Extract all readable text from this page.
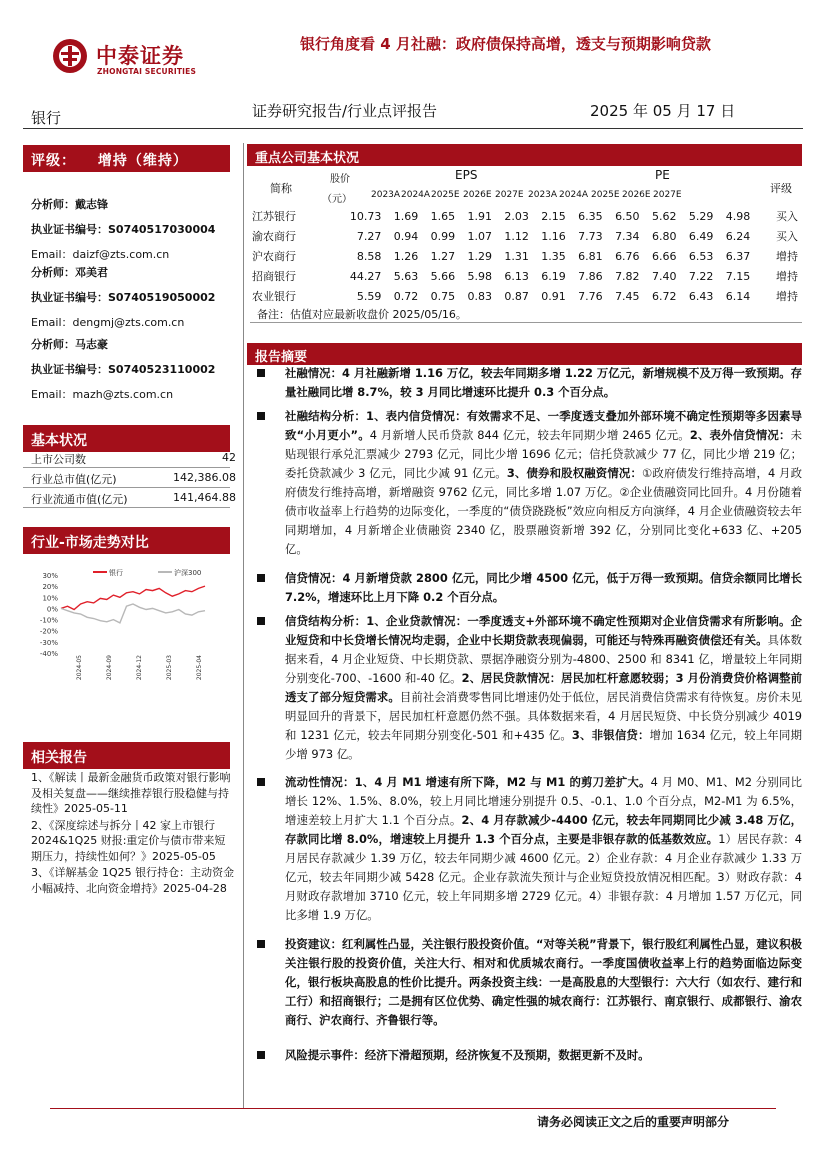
中泰证券
ZHONGTAI SECURITIES
银行角度看 4 月社融：政府债保持高增，透支与预期影响贷款
银行	证券研究报告/行业点评报告	2025 年 05 月 17 日
评级： 增持（维持）
分析师：戴志锋
执业证书编号：S0740517030004
Email：daizf@zts.com.cn
分析师：邓美君
执业证书编号：S0740519050002
Email：dengmj@zts.com.cn
分析师：马志豪
执业证书编号：S0740523110002
Email：mazh@zts.com.cn
基本状况
上市公司数	42
行业总市值(亿元)	142,386.08
行业流通市值(亿元)	141,464.88
行业-市场走势对比
30%
20%
10%
0%
-10%
-20%
-30%
-40%
2024-05	2024-09	2024-12	2025-03	2025-04
银行	沪深300
相关报告
1、《解读丨最新金融货币政策对银行影响及相关复盘——继续推荐银行股稳健与持续性》2025-05-11
2、《深度综述与拆分丨42 家上市银行 2024&1Q25 财报:重定价与债市带来短期压力，持续性如何？》2025-05-05
3、《详解基金 1Q25 银行持仓：主动资金小幅减持、北向资金增持》2025-04-28
重点公司基本状况
简称
股价
（元）
EPS	PE
评级
2023A 2024A 2025E 2026E 2027E 2023A 2024A 2025E 2026E 2027E
江苏银行	10.73	1.69	1.65	1.91	2.03	2.15	6.35	6.50	5.62	5.29	4.98	买入
渝农商行	7.27	0.94	0.99	1.07	1.12	1.16	7.73	7.34	6.80	6.49	6.24	买入
沪农商行	8.58	1.26	1.27	1.29	1.31	1.35	6.81	6.76	6.66	6.53	6.37	增持
招商银行	44.27	5.63	5.66	5.98	6.13	6.19	7.86	7.82	7.40	7.22	7.15	增持
农业银行	5.59	0.72	0.75	0.83	0.87	0.91	7.76	7.45	6.72	6.43	6.14	增持
备注：估值对应最新收盘价 2025/05/16。
报告摘要
社融情况：4 月社融新增 1.16 万亿，较去年同期多增 1.22 万亿元，新增规模不及万得一致预期。存量社融同比增 8.7%，较 3 月同比增速环比提升 0.3 个百分点。
社融结构分析：1、表内信贷情况：有效需求不足、一季度透支叠加外部环境不确定性预期等多因素导致“小月更小”。4 月新增人民币贷款 844 亿元，较去年同期少增 2465 亿元。2、表外信贷情况：未贴现银行承兑汇票减少 2793 亿元，同比少增 1696 亿元；信托贷款减少 77 亿，同比少增 219 亿；委托贷款减少 3 亿元，同比少减 91 亿元。3、债券和股权融资情况：①政府债发行维持高增，4 月政府债发行维持高增，新增融资 9762 亿元，同比多增 1.07 万亿。②企业债融资同比回升。4 月份随着债市收益率上行趋势的边际变化，一季度的“债贷跷跷板”效应向相反方向演绎，4 月企业债融资较去年同期增加，4 月新增企业债融资 2340 亿，股票融资新增 392 亿，分别同比变化+633 亿、+205 亿。
信贷情况：4 月新增贷款 2800 亿元，同比少增 4500 亿元，低于万得一致预期。信贷余额同比增长 7.2%，增速环比上月下降 0.2 个百分点。
信贷结构分析：1、企业贷款情况：一季度透支+外部环境不确定性预期对企业信贷需求有所影响。企业短贷和中长贷增长情况均走弱，企业中长期贷款表现偏弱，可能还与特殊再融资债偿还有关。具体数据来看，4 月企业短贷、中长期贷款、票据净融资分别为-4800、2500 和 8341 亿，增量较上年同期分别变化-700、-1600 和-40 亿。2、居民贷款情况：居民加杠杆意愿较弱；3 月份消费贷价格调整前透支了部分短贷需求。目前社会消费零售同比增速仍处于低位，居民消费信贷需求有待恢复。房价未见明显回升的背景下，居民加杠杆意愿仍然不强。具体数据来看，4 月居民短贷、中长贷分别减少 4019 和 1231 亿元，较去年同期分别变化-501 和+435 亿。3、非银信贷：增加 1634 亿元，较上年同期少增 973 亿。
流动性情况：1、4 月 M1 增速有所下降，M2 与 M1 的剪刀差扩大。4 月 M0、M1、M2 分别同比增长 12%、1.5%、8.0%，较上月同比增速分别提升 0.5、-0.1、1.0 个百分点，M2-M1 为 6.5%，增速差较上月扩大 1.1 个百分点。2、4 月存款减少-4400 亿元，较去年同期同比少减 3.48 万亿，存款同比增 8.0%，增速较上月提升 1.3 个百分点，主要是非银存款的低基数效应。1）居民存款：4 月居民存款减少 1.39 万亿，较去年同期少减 4600 亿元。2）企业存款：4 月企业存款减少 1.33 万亿元，较去年同期少减 5428 亿元。企业存款流失预计与企业短贷投放情况相匹配。3）财政存款：4 月财政存款增加 3710 亿元，较上年同期多增 2729 亿元。4）非银存款：4 月增加 1.57 万亿元，同比多增 1.9 万亿。
投资建议：红利属性凸显，关注银行股投资价值。“对等关税”背景下，银行股红利属性凸显，建议积极关注银行股的投资价值，关注大行、相对和优质城农商行。一季度国债收益率上行的趋势面临边际变化，银行板块高股息的性价比提升。两条投资主线：一是高股息的大型银行：六大行（如农行、建行和工行）和招商银行；二是拥有区位优势、确定性强的城农商行：江苏银行、南京银行、成都银行、渝农商行、沪农商行、齐鲁银行等。
风险提示事件：经济下滑超预期，经济恢复不及预期，数据更新不及时。
请务必阅读正文之后的重要声明部分
